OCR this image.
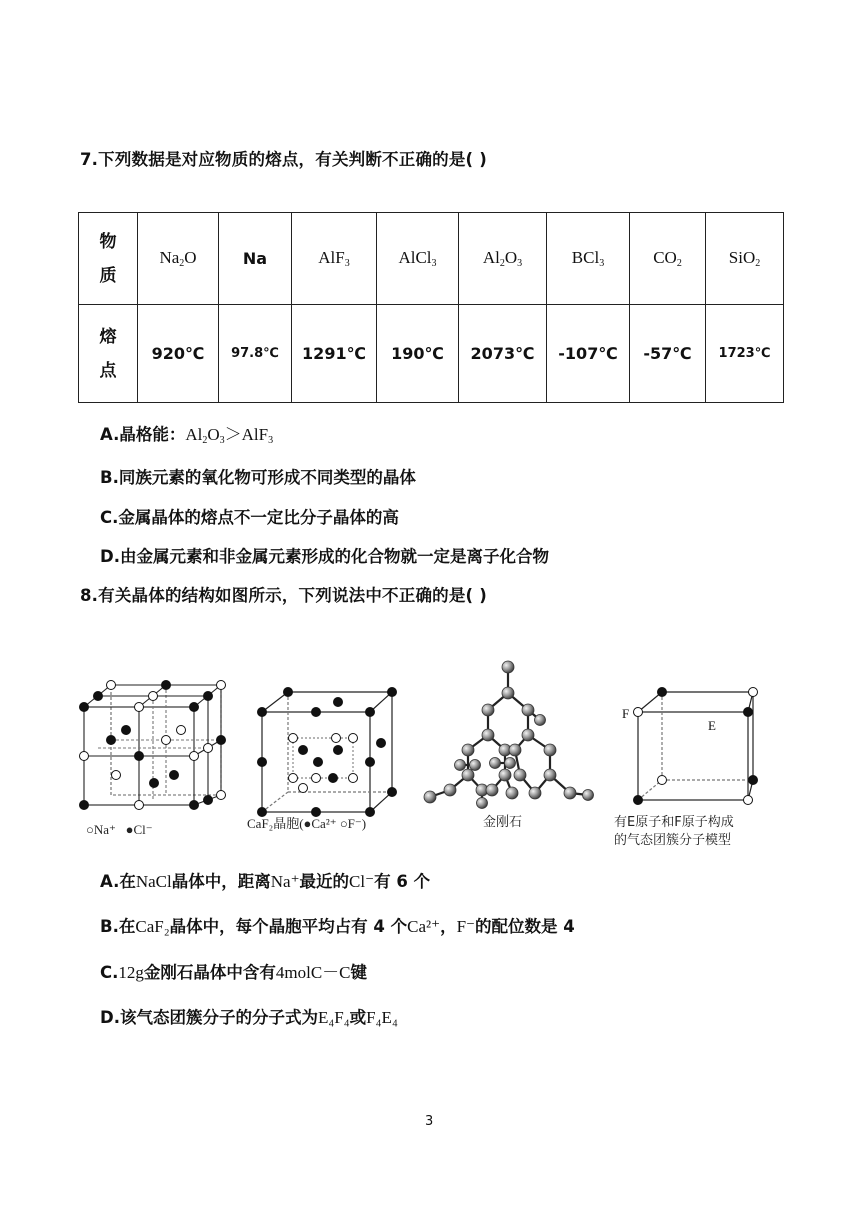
7.下列数据是对应物质的熔点，有关判断不正确的是( )
物
质	$Na_2O$	Na	AlF$_3$	AlCl$_3$	$Al_2O_3$	BCl$_3$	$CO_2$	SiO$_2$

熔
点	920℃	97.8℃	1291℃	190℃	2073℃	-107℃	-57℃	1723℃
A.晶格能：$Al_2O_3>AlF_3$
B.同族元素的氧化物可形成不同类型的晶体
C.金属晶体的熔点不一定比分子晶体的高
D.由金属元素和非金属元素形成的化合物就一定是离子化合物
8.有关晶体的结构如图所示，下列说法中不正确的是( )
○Na⁺ ●Cl⁻	CaF₂晶胞(●Ca²⁺ ○F⁻)	金刚石
F
E
有E原子和F原子构成
的气态团簇分子模型
A.在NaCl晶体中，距离Na⁺最近的Cl⁻有 6 个
B.在CaF₂晶体中，每个晶胞平均占有 4 个Ca²⁺，F⁻的配位数是 4
C.12g金刚石晶体中含有4molC－C键
D.该气态团簇分子的分子式为E₄F₄或F₄E₄
3
